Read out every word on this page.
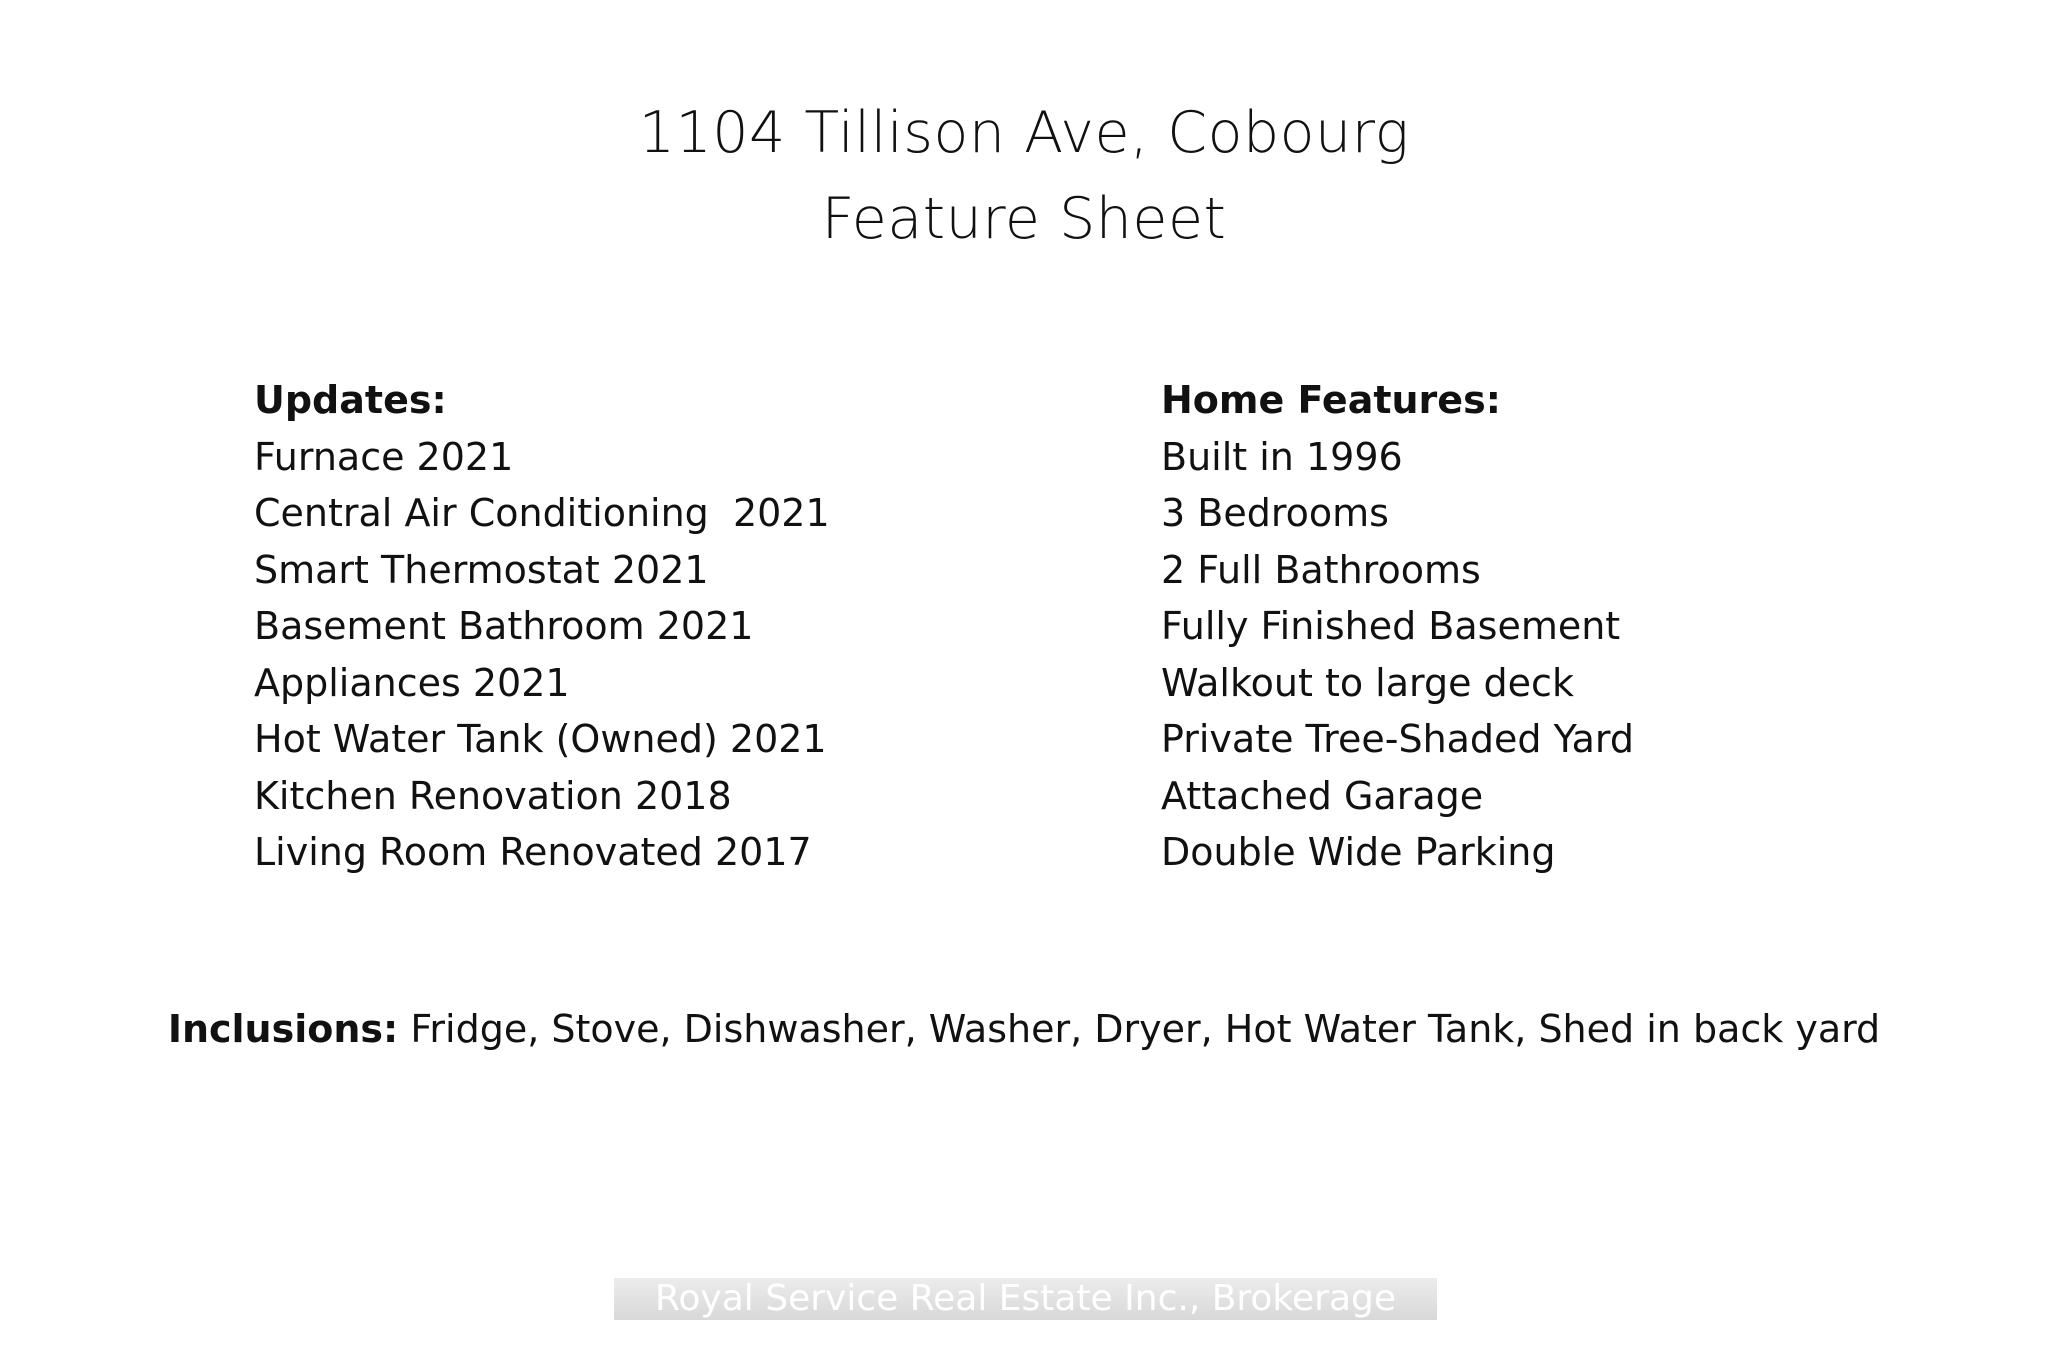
1104 Tillison Ave, Cobourg
Feature Sheet
Updates:
Furnace 2021
Central Air Conditioning  2021
Smart Thermostat 2021
Basement Bathroom 2021
Appliances 2021
Hot Water Tank (Owned) 2021
Kitchen Renovation 2018
Living Room Renovated 2017
Home Features:
Built in 1996
3 Bedrooms
2 Full Bathrooms
Fully Finished Basement
Walkout to large deck
Private Tree-Shaded Yard
Attached Garage
Double Wide Parking
Inclusions: Fridge, Stove, Dishwasher, Washer, Dryer, Hot Water Tank, Shed in back yard
Royal Service Real Estate Inc., Brokerage
